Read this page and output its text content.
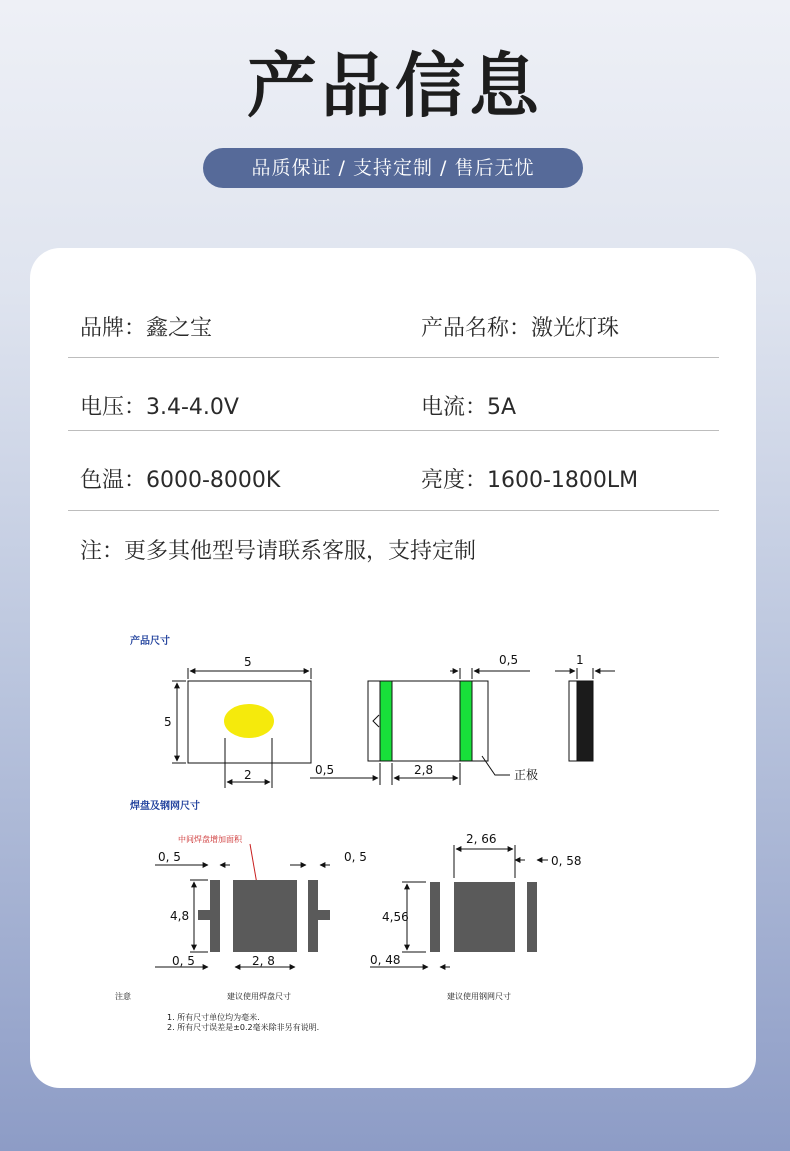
产品信息
品质保证 / 支持定制 / 售后无忧
品牌：鑫之宝	产品名称：激光灯珠
电压：3.4-4.0V	电流：5A
色温：6000-8000K	亮度：1600-1800LM
注：更多其他型号请联系客服，支持定制
产品尺寸
5
5
2	0,5	2,8
0,5
正极
1
焊盘及钢网尺寸
中间焊盘增加面积
0, 5	0, 5
4,8
0, 5	2, 8
2, 66
0, 58
4,56
0, 48
注意	建议使用焊盘尺寸	建议使用钢网尺寸
1. 所有尺寸单位均为毫米.
2. 所有尺寸误差是±0.2毫米除非另有说明.
